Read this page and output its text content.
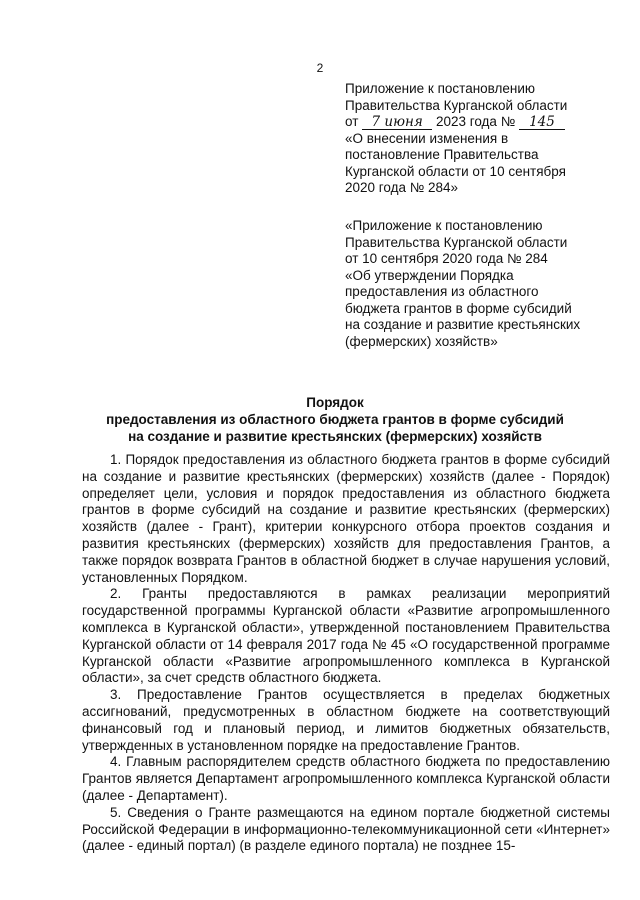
2
Приложение к постановлению
Правительства Курганской области
от 7 июня 2023 года № 145
«О внесении изменения в
постановление Правительства
Курганской области от 10 сентября
2020 года № 284»
«Приложение к постановлению
Правительства Курганской области
от 10 сентября 2020 года № 284
«Об утверждении Порядка
предоставления из областного
бюджета грантов в форме субсидий
на создание и развитие крестьянских
(фермерских) хозяйств»
Порядок
предоставления из областного бюджета грантов в форме субсидий
на создание и развитие крестьянских (фермерских) хозяйств

1. Порядок предоставления из областного бюджета грантов в форме субсидий на создание и развитие крестьянских (фермерских) хозяйств (далее - Порядок) определяет цели, условия и порядок предоставления из областного бюджета грантов в форме субсидий на создание и развитие крестьянских (фермерских) хозяйств (далее - Грант), критерии конкурсного отбора проектов создания и развития крестьянских (фермерских) хозяйств для предоставления Грантов, а также порядок возврата Грантов в областной бюджет в случае нарушения условий, установленных Порядком.

2. Гранты предоставляются в рамках реализации мероприятий государственной программы Курганской области «Развитие агропромышленного комплекса в Курганской области», утвержденной постановлением Правительства Курганской области от 14 февраля 2017 года № 45 «О государственной программе Курганской области «Развитие агропромышленного комплекса в Курганской области», за счет средств областного бюджета.

3. Предоставление Грантов осуществляется в пределах бюджетных ассигнований, предусмотренных в областном бюджете на соответствующий финансовый год и плановый период, и лимитов бюджетных обязательств, утвержденных в установленном порядке на предоставление Грантов.

4. Главным распорядителем средств областного бюджета по предоставлению Грантов является Департамент агропромышленного комплекса Курганской области (далее - Департамент).

5. Сведения о Гранте размещаются на едином портале бюджетной системы Российской Федерации в информационно-телекоммуникационной сети «Интернет» (далее - единый портал) (в разделе единого портала) не позднее 15-
